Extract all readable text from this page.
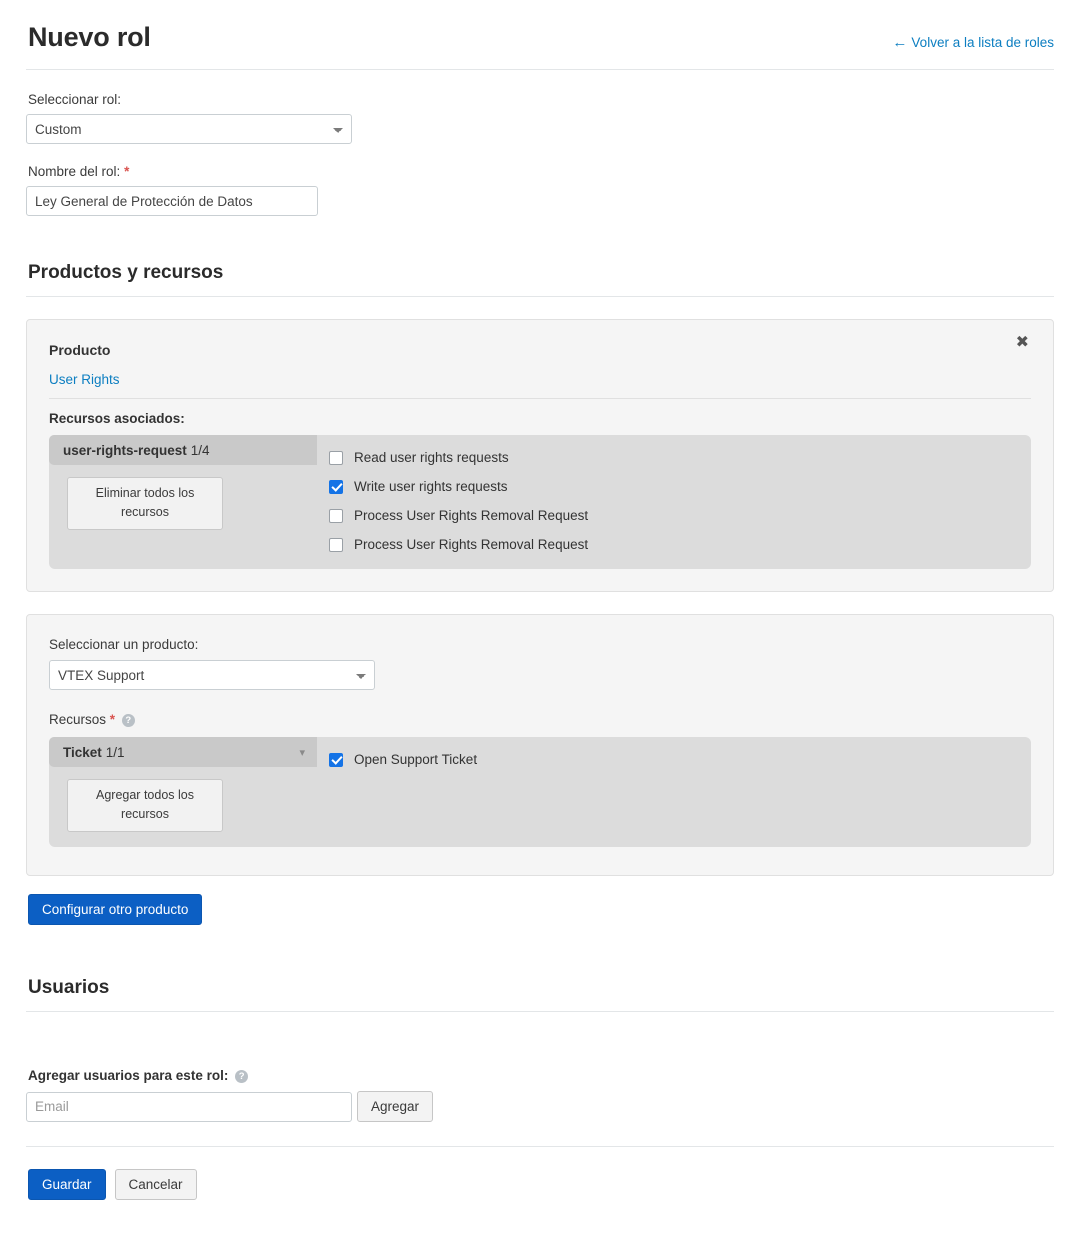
Nuevo rol	← Volver a la lista de roles
Seleccionar rol:
Custom
Nombre del rol: *
Ley General de Protección de Datos
Productos y recursos
✖
Producto
User Rights
Recursos asociados:
user-rights-request 1/4
Eliminar todos los recursos
Read user rights requests
Write user rights requests
Process User Rights Removal Request
Process User Rights Removal Request
Seleccionar un producto:
VTEX Support
Recursos * ?
Ticket 1/1	▾
Agregar todos los recursos
Open Support Ticket
Configurar otro producto
Usuarios
Agregar usuarios para este rol: ?
Email
Agregar
Guardar	Cancelar
